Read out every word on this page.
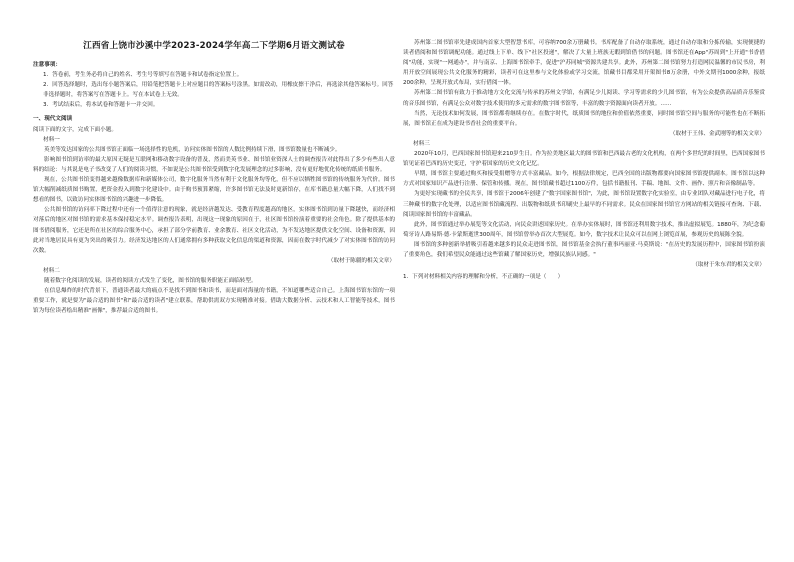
江西省上饶市沙溪中学2023-2024学年高二下学期6月语文测试卷
注意事项：

1．答卷前，考生务必将自己的姓名、考生号等填写在答题卡和试卷指定位置上。

2．回答选择题时，选出每小题答案后，用铅笔把答题卡上对应题目的答案标号涂黑。如需改动，用橡皮擦干净后，再选涂其他答案标号。回答非选择题时，将答案写在答题卡上。写在本试卷上无效。

3．考试结束后，将本试卷和答题卡一并交回。

一、现代文阅读

阅读下面的文字，完成下面小题。

材料一

英美等发达国家的公共图书馆正面临一场选择性的危机，访问实体图书馆的人数比例持续下滑，图书馆数量也不断减少。

影响图书馆到访率的最大原因无疑是互联网和移动数字设备的普及，然而美英书业、图书馆业资深人士的调查报告对此得出了多少有些出人意料的结论：与其说是电子书改变了人们的阅读习惯，不如说是公共图书馆受到数字化发展理念的过多影响，没有更好地优化传统的纸质书服务。

现在，公共图书馆变得越来越像数据库和新媒体公司，数字化服务当然有利于文化服务均等化，但不应以牺牲图书馆的传统服务为代价。图书馆大幅削减纸质图书购置，把资金投入到数字化建设中。由于购书预算紧缩，许多图书馆无法及时更新馆存，在库书籍总量大幅下降，人们找不到想看的图书，以致访问实体图书馆的兴趣进一步降低。

公共图书馆的访问率下降过程中还有一个值得注意的现象，就是经济越发达、受教育程度越高的地区，实体图书馆到访量下降越快，而经济相对落后的地区对图书馆的需求基本保持稳定水平。调查报告表明，出现这一现象的原因在于，社区图书馆扮演着重要的社会角色。除了提供基本的图书借阅服务，它还是所在社区的综合服务中心，承担了部分学前教育、业余教育、社区文化活动，为不发达地区提供文化空间、设备和资源，因此对当地居民具有更为突出的吸引力。经济发达地区的人们通常拥有多种获取文化信息的渠道和资源，因而在数字时代减少了对实体图书馆的访问次数。

（取材于陈疆的相关文章）

材料二

随着数字化阅读的发展，读者的阅读方式发生了变化，图书馆的服务职能正面临转型。

在信息爆炸的时代背景下，普通读者最大的痛点不是找不到图书和读书，而是面对海量的书籍，不知道哪些适合自己。上海图书馆东馆的一项重要工作，就是要为"最合适的图书"和"最合适的读者"建立联系，帮助供需双方实现精准对接。借助大数据分析、云技术和人工智能等技术，图书馆为每位读者绘出精准"画像"，推荐最合适的图书。

苏州第二图书馆率先建成国内首家大型智慧书库，可容纳700余万册藏书。书库配备了自动存取系统，通过自动存取和分拣传输，实现便捷的读者借阅和图书馆调配功能。通过线上下单、线下"社区投递"，解决了大量上班族无暇到馆借书的问题。图书馆还在App"苏周到"上开通"书香借阅"功能，实现"一网通办"，并与南京、上海图书馆牵手，促进"沪苏同城"资源共建共享。此外，苏州第二图书馆努力打造网民温馨的市民书房，利用开放空间展现公共文化服务的精彩，读者可在这里参与文化体验或学习交流，馆藏书目都采用开架图书8万余册，中外文期刊1000余种，报纸200余种，呈现开放式布局，实行借阅一体。

苏州第二图书馆有致力于推动地方文化交流与传承的苏州文学馆，有满足少儿阅读、学习等需求的少儿图书馆，有为公众提供高品质音乐鉴赏的音乐图书馆，有满足公众对数字技术使用的多元需求的数字图书馆等，丰富的数字资源面向读者开放。……

当然，无论技术如何发展，图书馆都将继续存在。在数字时代，纸质图书的地位和价值依然重要，同时图书馆空间与服务的可能性也在不断拓展，图书馆正在成为建设书香社会的重要平台。

（取材于王伟、金武刚等的相关文章）

材料三

2020年10月，巴西国家图书馆迎来210岁生日。作为拉美地区最大的图书馆和巴西最古老的文化机构，在两个多世纪的时间里，巴西国家图书馆见证着巴西的历史变迁，守护着国家的历史文化记忆。

早期，图书馆主要通过购买和接受捐赠等方式丰富藏品。如今，根据法律规定，巴西全国的出版物都要向国家图书馆提供副本。图书馆以这种方式对国家知识产品进行注册、保管和传播。现在，图书馆藏书超过1100万件，包括书籍报刊、手稿、地图、文件、画作、照片和音像制品等。

为更好实现藏书的全民共享，图书馆于2006年创建了"数字国家图书馆"，为此，图书馆设置数字化实验室，由专业团队对藏品进行电子化，将三种藏书的数字化处理，以适应图书馆藏流程、出版物和纸质书印刷史上最早的不同需求。民众在国家图书馆官方网站的相关链接可查询、下载、阅读国家图书馆的丰富藏品。

此外，图书馆通过举办展览等文化活动，向民众讲述国家历史。在举办实体展时，图书馆还利用数字技术，推出虚拟展览。1880年，为纪念葡萄牙诗人路易斯·德·卡蒙斯逝世300周年，图书馆曾举办首次大型展览。如今，数字技术让民众可以在网上浏览首展，参观历史的展陈全貌。

图书馆的多种创新举措吸引着越来越多的民众走进图书馆，图书馆基金会执行董事玛丽亚·马莫斯说："在历史的发展历程中，国家图书馆扮演了重要角色，我们希望民众能通过这些馆藏了解国家历史，增强民族认同感。"

（取材于朱东君的相关文章）

1．下列对材料相关内容的理解和分析，不正确的一项是（　　）
